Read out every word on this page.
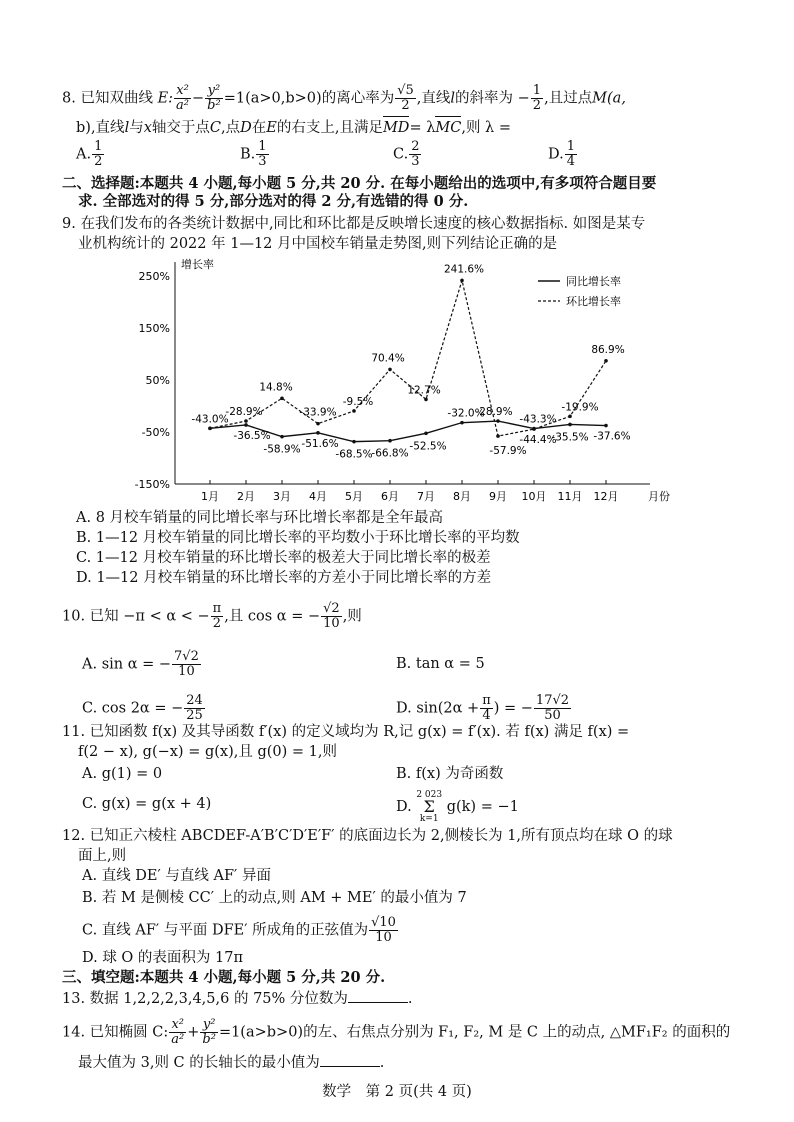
8. 已知双曲线 E: $\frac{\text{x²}}{\text{a²}} - \frac{\text{y²}}{\text{b²}} =1(a>0,b>0)$的离心率为 $\frac{√5}{2}$ ,直线l的斜率为 − $\frac{1}{2}$ ,且过点M(a,
b),直线l与x轴交于点C,点D在E的右支上,且满足MD= λMC,则 λ =
A. $\frac{1}{2}$	B. $\frac{1}{3}$	C. $\frac{2}{3}$	D. $\frac{1}{4}$
二、选择题:本题共 4 小题,每小题 5 分,共 20 分. 在每小题给出的选项中,有多项符合题目要
求. 全部选对的得 5 分,部分选对的得 2 分,有选错的得 0 分.
9. 在我们发布的各类统计数据中,同比和环比都是反映增长速度的核心数据指标. 如图是某专
业机构统计的 2022 年 1—12 月中国校车销量走势图,则下列结论正确的是
增长率
月份
250%
150%
50%
-50%
-150%
1月 2月 3月 4月 5月 6月 7月 8月 9月 10月 11月 12月
-43.0%
-36.5%
-58.9% -51.6%
-68.5%
-66.8%
-52.5%
-32.0%
-28.9%
-43.3%
-35.5% -37.6%
-28.9%
14.8%
-33.9%
-9.5%
70.4%
12.7%
241.6%
-57.9%
-44.4%
-19.9%
86.9%
同比增长率
环比增长率
A. 8 月校车销量的同比增长率与环比增长率都是全年最高
B. 1—12 月校车销量的同比增长率的平均数小于环比增长率的平均数
C. 1—12 月校车销量的环比增长率的极差大于同比增长率的极差
D. 1—12 月校车销量的环比增长率的方差小于同比增长率的方差
10. 已知 −π < α < − $\frac{\pi}{2}$ ,且 cos α = − $\frac{√2}{10}$ ,则
A. sin α = − $\frac{7√2}{10}$	B. tan α = 5
C. cos 2α = − $\frac{24}{25}$	D. $\sin(2\alpha + \frac{\pi}{4}$ ) = − $\frac{17√2}{50}$
11. 已知函数 f(x) 及其导函数 f′(x) 的定义域均为 R,记 g(x) = f′(x). 若 f(x) 满足 f(x) =
f(2 − x), g(−x) = g(x),且 g(0) = 1,则
A. g(1) = 0	B. f(x) 为奇函数
C. g(x) = g(x + 4)	D.
2 023
Σ
k=1
g(k) = −1
12. 已知正六棱柱 ABCDEF-A′B′C′D′E′F′ 的底面边长为 2,侧棱长为 1,所有顶点均在球 O 的球
面上,则
A. 直线 DE′ 与直线 AF′ 异面
B. 若 M 是侧棱 CC′ 上的动点,则 AM + ME′ 的最小值为 7
C. 直线 AF′ 与平面 DFE′ 所成角的正弦值为 $\frac{√10}{10}$
D. 球 O 的表面积为 17π
三、填空题:本题共 4 小题,每小题 5 分,共 20 分.
13. 数据 1,2,2,2,3,4,5,6 的 75% 分位数为	.
14. 已知椭圆 C: $\frac{\text{x²}}{\text{a²}} + \frac{\text{y²}}{\text{b²}} =1(a>b>0)$的左、右焦点分别为 F₁, F₂, M 是 C 上的动点, △MF₁F₂ 的面积的
最大值为 3,则 C 的长轴长的最小值为	.
数学　第 2 页(共 4 页)
